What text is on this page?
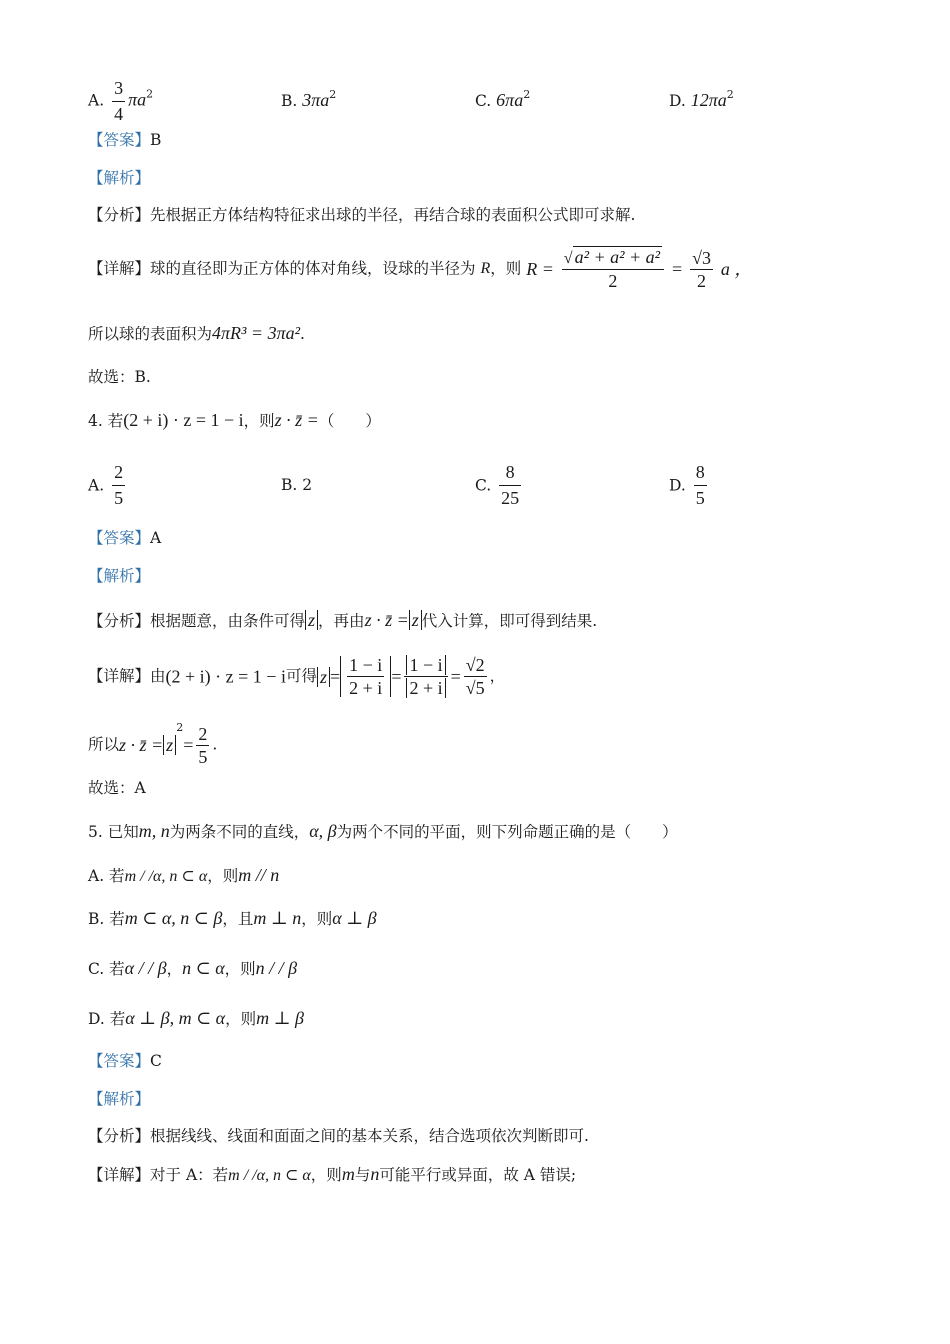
A. $\frac{3}{4} \pi a^2$	B. $3\pi a^2$	C. $6\pi a^2$	D. $12\pi a^2$
【答案】B
【解析】
【分析】先根据正方体结构特征求出球的半径，再结合球的表面积公式即可求解.
【详解】球的直径即为正方体的体对角线，设球的半径为 R，则 $R = \frac{\text{√ a² + a² + a²}}{2} = \frac{√3}{2}$ a ，
所以球的表面积为4πR³ = 3πa².
故选：B.
4. 若(2 + i) · z = 1 − i，则z · z̄ =（　　）
A. $\frac{2}{5}$	B. 2	C. $\frac{8}{25}$	D. $\frac{8}{5}$
【答案】A
【解析】
【分析】根据题意，由条件可得 z ，再由z · z̄ = z 代入计算，即可得到结果.
【详解】由(2 + i) · z = 1 − i可得 $z = \frac{1 - i}{2 + i} = \frac{1 - i}{2 + i} = \frac{√2}{√5}$ ，
所以z · z̄ = $z^2= \frac{2}{5}$ .
故选：A
5. 已知m, n为两条不同的直线，α, β为两个不同的平面，则下列命题正确的是（　　）
A. 若m / /α, n ⊂ α，则m // n
B. 若m ⊂ α, n ⊂ β，且m ⊥ n，则α ⊥ β
C. 若α / / β，n ⊂ α，则n / / β
D. 若α ⊥ β, m ⊂ α，则m ⊥ β
【答案】C
【解析】
【分析】根据线线、线面和面面之间的基本关系，结合选项依次判断即可.
【详解】对于 A：若m / /α, n ⊂ α，则m与n可能平行或异面，故 A 错误;
